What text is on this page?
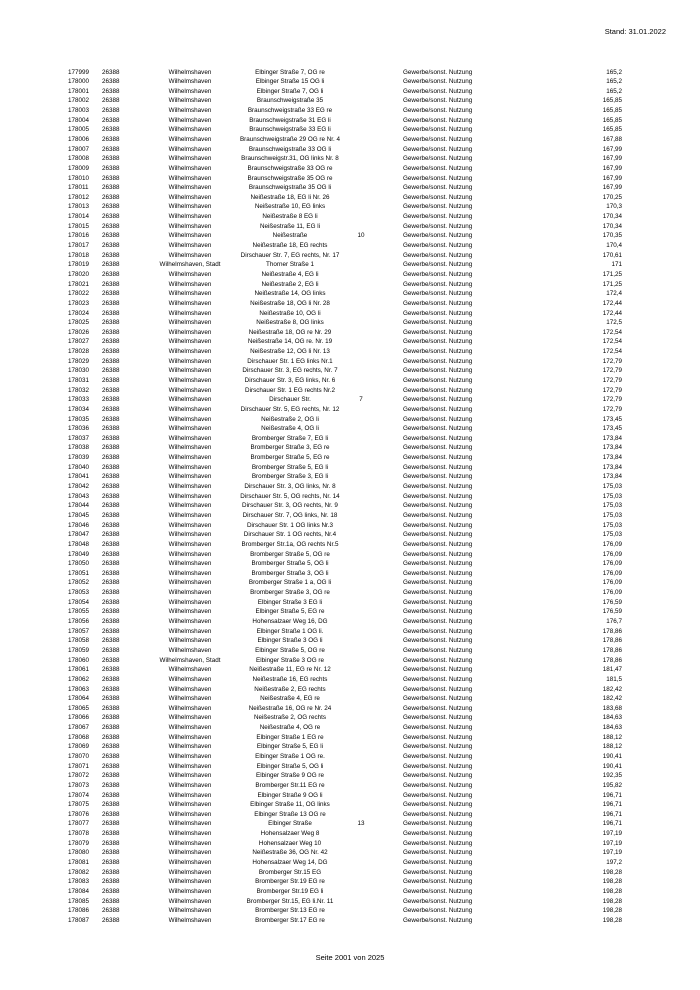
Stand: 31.01.2022
177999 26388	Wilhelmshaven	Elbinger Straße 7, OG re	Gewerbe/sonst. Nutzung	165,2
178000 26388	Wilhelmshaven	Elbinger Straße 15 OG li	Gewerbe/sonst. Nutzung	165,2
178001 26388	Wilhelmshaven	Elbinger Straße 7, OG li	Gewerbe/sonst. Nutzung	165,2
178002 26388	Wilhelmshaven	Braunschweigstraße 35	Gewerbe/sonst. Nutzung	165,85
178003 26388	Wilhelmshaven	Braunschweigstraße 33 EG re	Gewerbe/sonst. Nutzung	165,85
178004 26388	Wilhelmshaven	Braunschweigstraße 31 EG li	Gewerbe/sonst. Nutzung	165,85
178005 26388	Wilhelmshaven	Braunschweigstraße 33 EG li	Gewerbe/sonst. Nutzung	165,85
178006 26388	Wilhelmshaven	Braunschweigstraße 29 OG re Nr. 4	Gewerbe/sonst. Nutzung	167,88
178007 26388	Wilhelmshaven	Braunschweigstraße 33 OG li	Gewerbe/sonst. Nutzung	167,99
178008 26388	Wilhelmshaven	Braunschweigstr.31, OG links Nr. 8	Gewerbe/sonst. Nutzung	167,99
178009 26388	Wilhelmshaven	Braunschweigstraße 33 OG re	Gewerbe/sonst. Nutzung	167,99
178010 26388	Wilhelmshaven	Braunschweigstraße 35 OG re	Gewerbe/sonst. Nutzung	167,99
178011 26388	Wilhelmshaven	Braunschweigstraße 35 OG li	Gewerbe/sonst. Nutzung	167,99
178012 26388	Wilhelmshaven	Neißestraße 18, EG li Nr. 26	Gewerbe/sonst. Nutzung	170,25
178013 26388	Wilhelmshaven	Neißestraße 10, EG links	Gewerbe/sonst. Nutzung	170,3
178014 26388	Wilhelmshaven	Neißestraße 8 EG li	Gewerbe/sonst. Nutzung	170,34
178015 26388	Wilhelmshaven	Neißestraße 11, EG li	Gewerbe/sonst. Nutzung	170,34
178016 26388	Wilhelmshaven	Neißestraße	10	Gewerbe/sonst. Nutzung	170,35
178017 26388	Wilhelmshaven	Neißestraße 18, EG rechts	Gewerbe/sonst. Nutzung	170,4
178018 26388	Wilhelmshaven	Dirschauer Str. 7, EG rechts, Nr. 17	Gewerbe/sonst. Nutzung	170,61
178019 26388	Wilhelmshaven, Stadt	Thorner Straße 1	Gewerbe/sonst. Nutzung	171
178020 26388	Wilhelmshaven	Neißestraße 4, EG li	Gewerbe/sonst. Nutzung	171,25
178021 26388	Wilhelmshaven	Neißestraße 2, EG li	Gewerbe/sonst. Nutzung	171,25
178022 26388	Wilhelmshaven	Neißestraße 14, OG links	Gewerbe/sonst. Nutzung	172,4
178023 26388	Wilhelmshaven	Neißestraße 18, OG li Nr. 28	Gewerbe/sonst. Nutzung	172,44
178024 26388	Wilhelmshaven	Neißestraße 10, OG li	Gewerbe/sonst. Nutzung	172,44
178025 26388	Wilhelmshaven	Neißestraße 8, OG links	Gewerbe/sonst. Nutzung	172,5
178026 26388	Wilhelmshaven	Neißestraße 18, OG re Nr. 29	Gewerbe/sonst. Nutzung	172,54
178027 26388	Wilhelmshaven	Neißestraße 14, OG re. Nr. 19	Gewerbe/sonst. Nutzung	172,54
178028 26388	Wilhelmshaven	Neißestraße 12, OG li Nr. 13	Gewerbe/sonst. Nutzung	172,54
178029 26388	Wilhelmshaven	Dirschauer Str. 1 EG links Nr.1	Gewerbe/sonst. Nutzung	172,79
178030 26388	Wilhelmshaven	Dirschauer Str. 3, EG rechts, Nr. 7	Gewerbe/sonst. Nutzung	172,79
178031 26388	Wilhelmshaven	Dirschauer Str. 3, EG links, Nr. 6	Gewerbe/sonst. Nutzung	172,79
178032 26388	Wilhelmshaven	Dirschauer Str. 1 EG rechts Nr.2	Gewerbe/sonst. Nutzung	172,79
178033 26388	Wilhelmshaven	Dirschauer Str.	7	Gewerbe/sonst. Nutzung	172,79
178034 26388	Wilhelmshaven	Dirschauer Str. 5, EG rechts, Nr. 12	Gewerbe/sonst. Nutzung	172,79
178035 26388	Wilhelmshaven	Neißestraße 2, OG li	Gewerbe/sonst. Nutzung	173,45
178036 26388	Wilhelmshaven	Neißestraße 4, OG li	Gewerbe/sonst. Nutzung	173,45
178037 26388	Wilhelmshaven	Bromberger Straße 7, EG li	Gewerbe/sonst. Nutzung	173,84
178038 26388	Wilhelmshaven	Bromberger Straße 3, EG re	Gewerbe/sonst. Nutzung	173,84
178039 26388	Wilhelmshaven	Bromberger Straße 5, EG re	Gewerbe/sonst. Nutzung	173,84
178040 26388	Wilhelmshaven	Bromberger Straße 5, EG li	Gewerbe/sonst. Nutzung	173,84
178041 26388	Wilhelmshaven	Bromberger Straße 3, EG li	Gewerbe/sonst. Nutzung	173,84
178042 26388	Wilhelmshaven	Dirschauer Str. 3, OG links, Nr. 8	Gewerbe/sonst. Nutzung	175,03
178043 26388	Wilhelmshaven	Dirschauer Str. 5, OG rechts, Nr. 14	Gewerbe/sonst. Nutzung	175,03
178044 26388	Wilhelmshaven	Dirschauer Str. 3, OG rechts, Nr. 9	Gewerbe/sonst. Nutzung	175,03
178045 26388	Wilhelmshaven	Dirschauer Str. 7, OG links, Nr. 18	Gewerbe/sonst. Nutzung	175,03
178046 26388	Wilhelmshaven	Dirschauer Str. 1 OG links Nr.3	Gewerbe/sonst. Nutzung	175,03
178047 26388	Wilhelmshaven	Dirschauer Str. 1 OG rechts, Nr.4	Gewerbe/sonst. Nutzung	175,03
178048 26388	Wilhelmshaven	Bromberger Str.1a, OG rechts Nr.5	Gewerbe/sonst. Nutzung	176,09
178049 26388	Wilhelmshaven	Bromberger Straße 5, OG re	Gewerbe/sonst. Nutzung	176,09
178050 26388	Wilhelmshaven	Bromberger Straße 5, OG li	Gewerbe/sonst. Nutzung	176,09
178051 26388	Wilhelmshaven	Bromberger Straße 3, OG li	Gewerbe/sonst. Nutzung	176,09
178052 26388	Wilhelmshaven	Bromberger Straße 1 a, OG li	Gewerbe/sonst. Nutzung	176,09
178053 26388	Wilhelmshaven	Bromberger Straße 3, OG re	Gewerbe/sonst. Nutzung	176,09
178054 26388	Wilhelmshaven	Elbinger Straße 3 EG li	Gewerbe/sonst. Nutzung	176,59
178055 26388	Wilhelmshaven	Elbinger Straße 5, EG re	Gewerbe/sonst. Nutzung	176,59
178056 26388	Wilhelmshaven	Hohensalzaer Weg 16, DG	Gewerbe/sonst. Nutzung	176,7
178057 26388	Wilhelmshaven	Elbinger Straße 1 OG li.	Gewerbe/sonst. Nutzung	178,86
178058 26388	Wilhelmshaven	Elbinger Straße 3 OG li	Gewerbe/sonst. Nutzung	178,86
178059 26388	Wilhelmshaven	Elbinger Straße 5, OG re	Gewerbe/sonst. Nutzung	178,86
178060 26388	Wilhelmshaven, Stadt	Elbinger Straße 3 OG re	Gewerbe/sonst. Nutzung	178,86
178061 26388	Wilhelmshaven	Neißestraße 11, EG re Nr. 12	Gewerbe/sonst. Nutzung	181,47
178062 26388	Wilhelmshaven	Neißestraße 16, EG rechts	Gewerbe/sonst. Nutzung	181,5
178063 26388	Wilhelmshaven	Neißestraße 2, EG rechts	Gewerbe/sonst. Nutzung	182,42
178064 26388	Wilhelmshaven	Neißestraße 4, EG re	Gewerbe/sonst. Nutzung	182,42
178065 26388	Wilhelmshaven	Neißestraße 16, OG re Nr. 24	Gewerbe/sonst. Nutzung	183,68
178066 26388	Wilhelmshaven	Neißestraße 2, OG rechts	Gewerbe/sonst. Nutzung	184,63
178067 26388	Wilhelmshaven	Neißestraße 4, OG re	Gewerbe/sonst. Nutzung	184,63
178068 26388	Wilhelmshaven	Elbinger Straße 1 EG re	Gewerbe/sonst. Nutzung	188,12
178069 26388	Wilhelmshaven	Elbinger Straße 5, EG li	Gewerbe/sonst. Nutzung	188,12
178070 26388	Wilhelmshaven	Elbinger Straße 1 OG re.	Gewerbe/sonst. Nutzung	190,41
178071 26388	Wilhelmshaven	Elbinger Straße 5, OG li	Gewerbe/sonst. Nutzung	190,41
178072 26388	Wilhelmshaven	Elbinger Straße 9 OG re	Gewerbe/sonst. Nutzung	192,35
178073 26388	Wilhelmshaven	Bromberger Str.11 EG re	Gewerbe/sonst. Nutzung	195,82
178074 26388	Wilhelmshaven	Elbinger Straße 9 OG li	Gewerbe/sonst. Nutzung	196,71
178075 26388	Wilhelmshaven	Elbinger Straße 11, OG links	Gewerbe/sonst. Nutzung	196,71
178076 26388	Wilhelmshaven	Elbinger Straße 13 OG re	Gewerbe/sonst. Nutzung	196,71
178077 26388	Wilhelmshaven	Elbinger Straße	13	Gewerbe/sonst. Nutzung	196,71
178078 26388	Wilhelmshaven	Hohensalzaer Weg 8	Gewerbe/sonst. Nutzung	197,19
178079 26388	Wilhelmshaven	Hohensalzaer Weg 10	Gewerbe/sonst. Nutzung	197,19
178080 26388	Wilhelmshaven	Neißestraße 36, OG Nr. 42	Gewerbe/sonst. Nutzung	197,19
178081 26388	Wilhelmshaven	Hohensalzaer Weg 14, DG	Gewerbe/sonst. Nutzung	197,2
178082 26388	Wilhelmshaven	Bromberger Str.15 EG	Gewerbe/sonst. Nutzung	198,28
178083 26388	Wilhelmshaven	Bromberger Str.19 EG re	Gewerbe/sonst. Nutzung	198,28
178084 26388	Wilhelmshaven	Bromberger Str.19 EG li	Gewerbe/sonst. Nutzung	198,28
178085 26388	Wilhelmshaven	Bromberger Str.15, EG li.Nr. 11	Gewerbe/sonst. Nutzung	198,28
178086 26388	Wilhelmshaven	Bromberger Str.13 EG re	Gewerbe/sonst. Nutzung	198,28
178087 26388	Wilhelmshaven	Bromberger Str.17 EG re	Gewerbe/sonst. Nutzung	198,28
Seite 2001 von 2025
